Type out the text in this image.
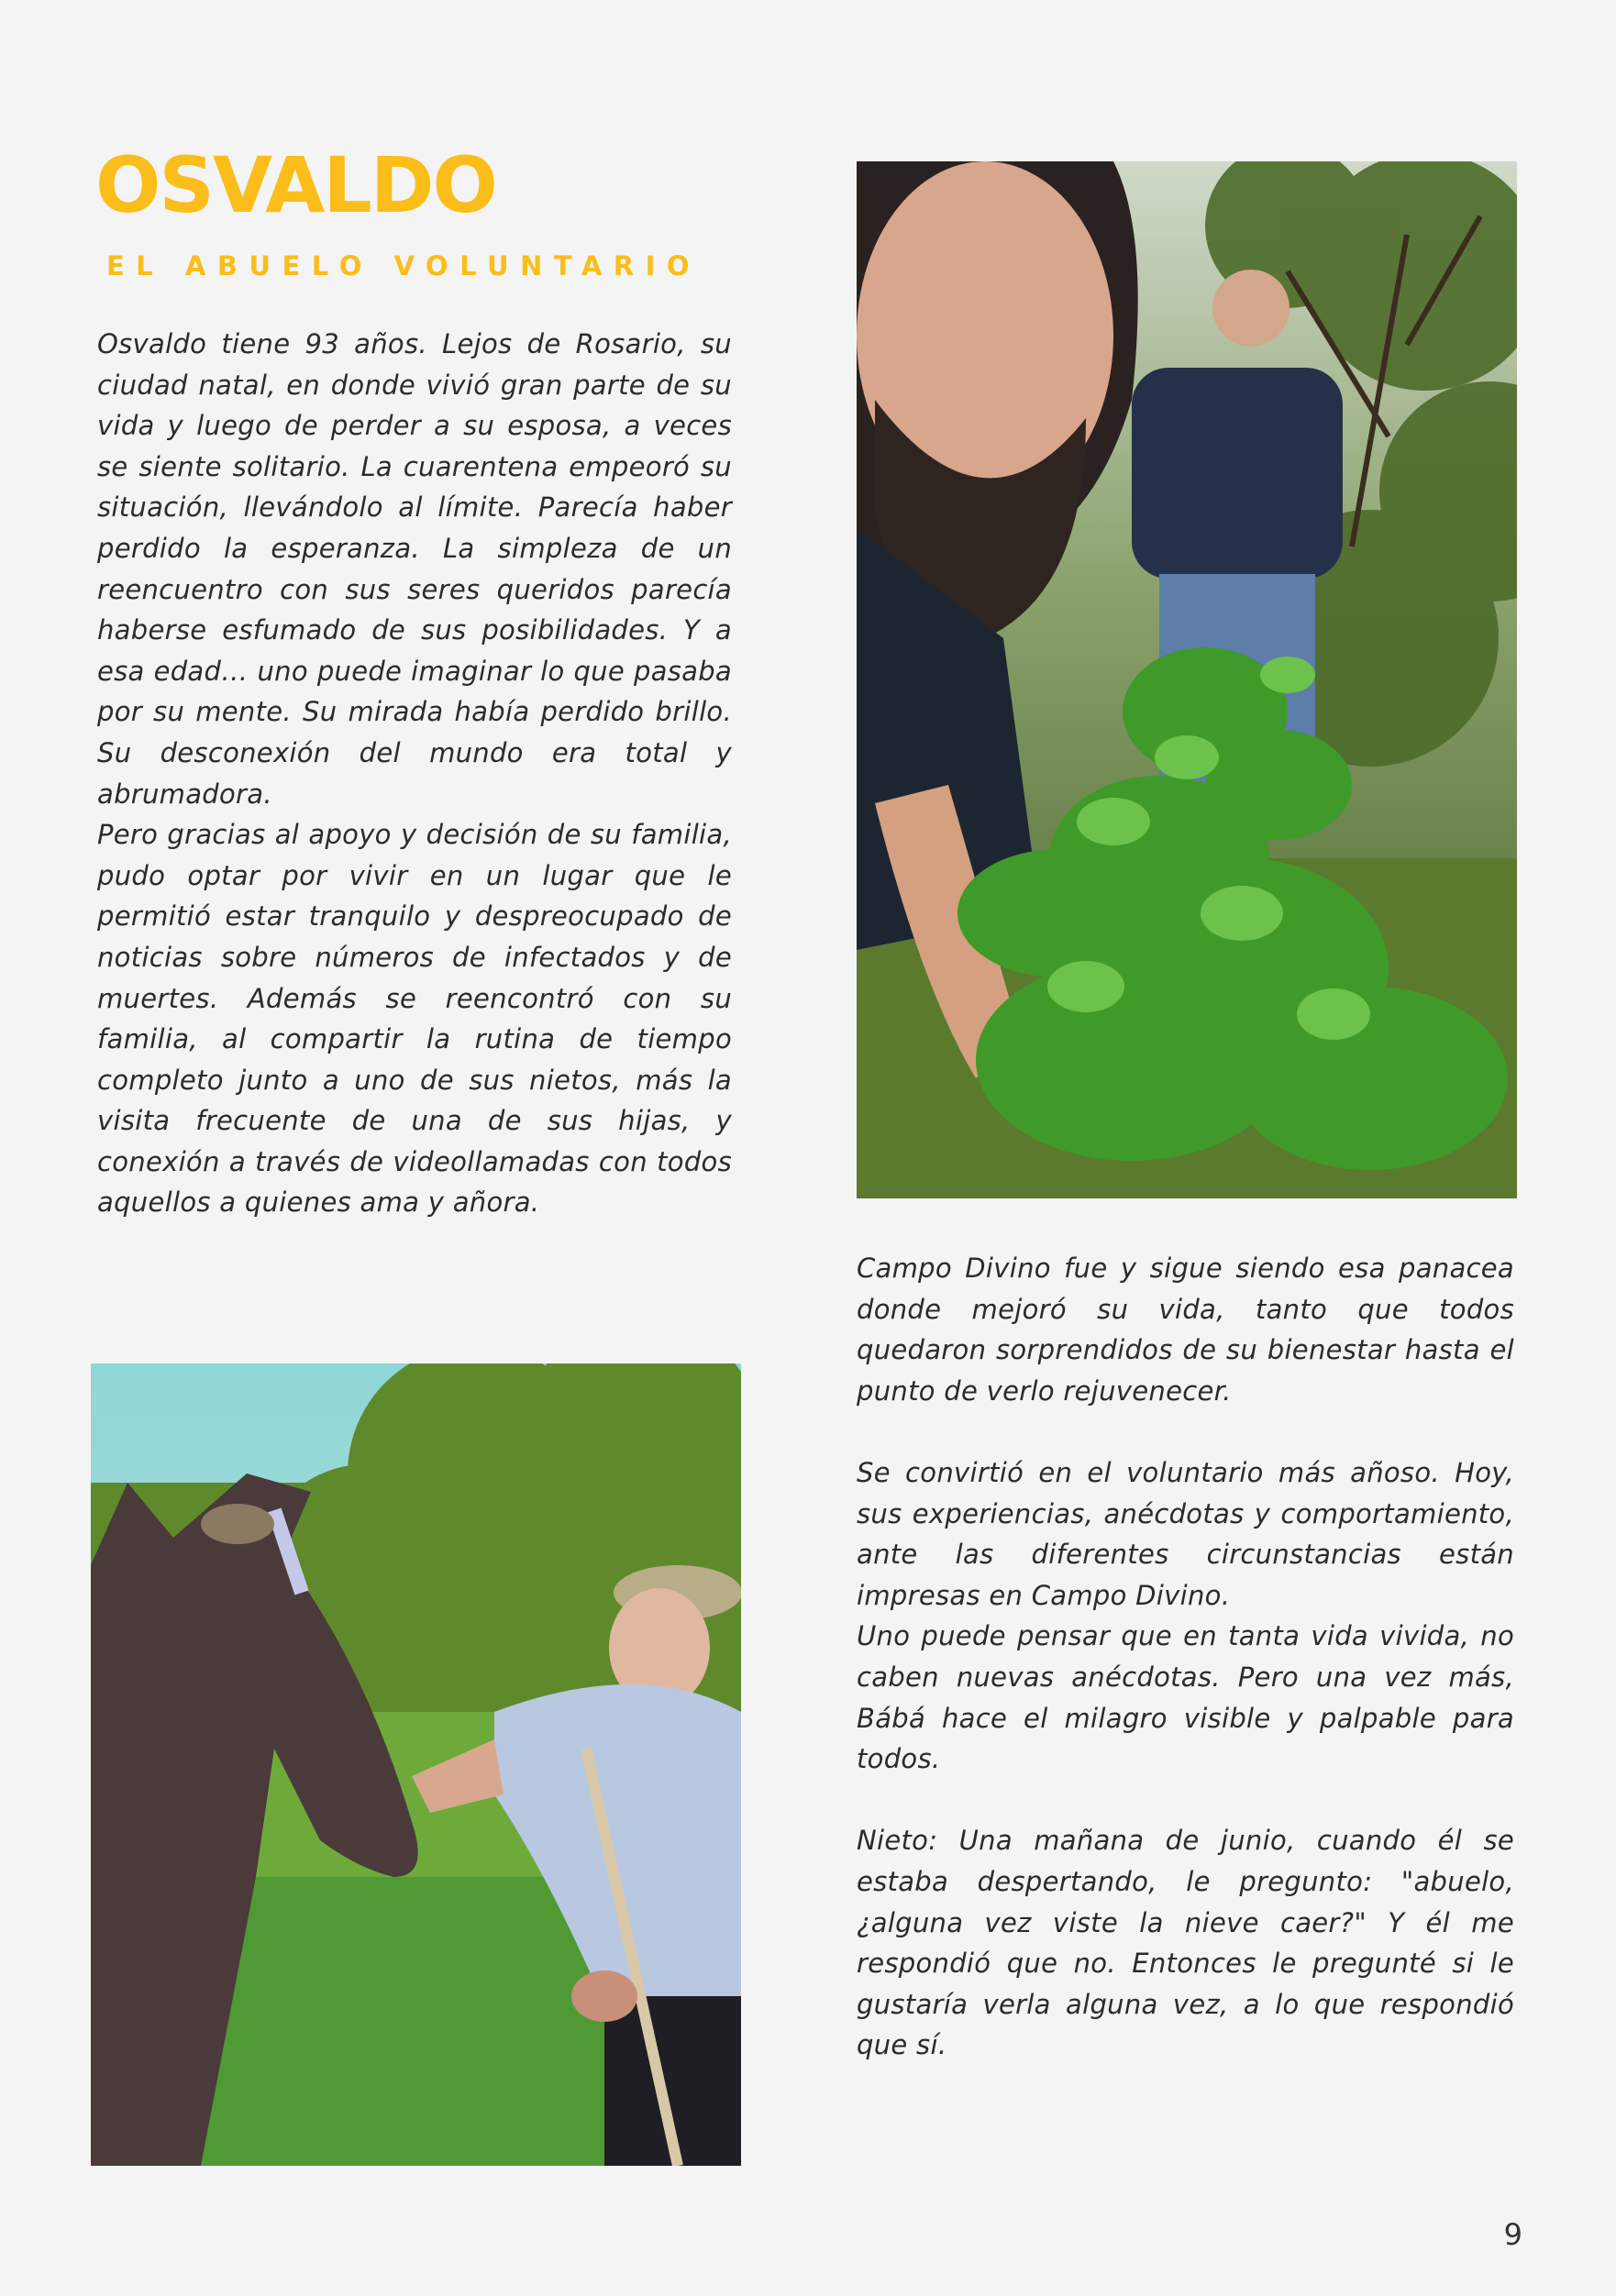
OSVALDO
EL ABUELO VOLUNTARIO

Osvaldo tiene 93 años. Lejos de Rosario, su ciudad natal, en donde vivió gran parte de su vida y luego de perder a su esposa, a veces se siente solitario. La cuarentena empeoró su situación, llevándolo al límite. Parecía haber perdido la esperanza. La simpleza de un reencuentro con sus seres queridos parecía haberse esfumado de sus posibilidades. Y a esa edad… uno puede imaginar lo que pasaba por su mente. Su mirada había perdido brillo. Su desconexión del mundo era total y abrumadora.

Pero gracias al apoyo y decisión de su familia, pudo optar por vivir en un lugar que le permitió estar tranquilo y despreocupado de noticias sobre números de infectados y de muertes. Además se reencontró con su familia, al compartir la rutina de tiempo completo junto a uno de sus nietos, más la visita frecuente de una de sus hijas, y conexión a través de videollamadas con todos aquellos a quienes ama y añora.

Campo Divino fue y sigue siendo esa panacea donde mejoró su vida, tanto que todos quedaron sorprendidos de su bienestar hasta el punto de verlo rejuvenecer.

Se convirtió en el voluntario más añoso. Hoy, sus experiencias, anécdotas y comportamiento, ante las diferentes circunstancias están impresas en Campo Divino.

Uno puede pensar que en tanta vida vivida, no caben nuevas anécdotas. Pero una vez más, Bábá hace el milagro visible y palpable para todos.

Nieto: Una mañana de junio, cuando él se estaba despertando, le pregunto: "abuelo, ¿alguna vez viste la nieve caer?" Y él me respondió que no. Entonces le pregunté si le gustaría verla alguna vez, a lo que respondió que sí.

9
